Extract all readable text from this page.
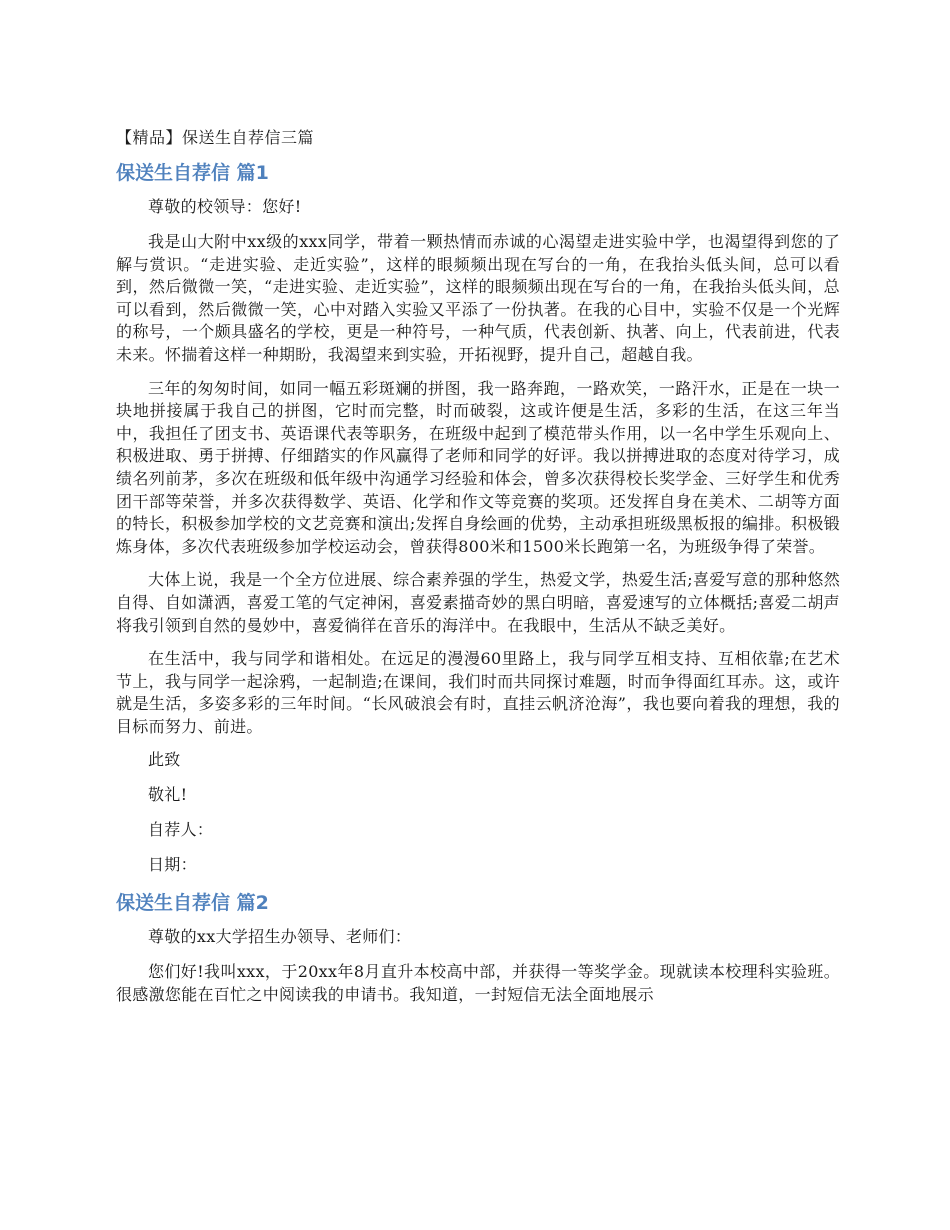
【精品】保送生自荐信三篇
保送生自荐信 篇1

尊敬的校领导：您好!

我是山大附中xx级的xxx同学，带着一颗热情而赤诚的心渴望走进实验中学，也渴望得到您的了解与赏识。“走进实验、走近实验”，这样的眼频频出现在写台的一角，在我抬头低头间，总可以看到，然后微微一笑，“走进实验、走近实验”，这样的眼频频出现在写台的一角，在我抬头低头间，总可以看到，然后微微一笑，心中对踏入实验又平添了一份执著。在我的心目中，实验不仅是一个光辉的称号，一个颇具盛名的学校，更是一种符号，一种气质，代表创新、执著、向上，代表前进，代表未来。怀揣着这样一种期盼，我渴望来到实验，开拓视野，提升自己，超越自我。

三年的匆匆时间，如同一幅五彩斑斓的拼图，我一路奔跑，一路欢笑，一路汗水，正是在一块一块地拼接属于我自己的拼图，它时而完整，时而破裂，这或许便是生活，多彩的生活，在这三年当中，我担任了团支书、英语课代表等职务，在班级中起到了模范带头作用，以一名中学生乐观向上、积极进取、勇于拼搏、仔细踏实的作风赢得了老师和同学的好评。我以拼搏进取的态度对待学习，成绩名列前茅，多次在班级和低年级中沟通学习经验和体会，曾多次获得校长奖学金、三好学生和优秀团干部等荣誉，并多次获得数学、英语、化学和作文等竞赛的奖项。还发挥自身在美术、二胡等方面的特长，积极参加学校的文艺竞赛和演出;发挥自身绘画的优势，主动承担班级黑板报的编排。积极锻炼身体，多次代表班级参加学校运动会，曾获得800米和1500米长跑第一名，为班级争得了荣誉。

大体上说，我是一个全方位进展、综合素养强的学生，热爱文学，热爱生活;喜爱写意的那种悠然自得、自如潇洒，喜爱工笔的气定神闲，喜爱素描奇妙的黑白明暗，喜爱速写的立体概括;喜爱二胡声将我引领到自然的曼妙中，喜爱徜徉在音乐的海洋中。在我眼中，生活从不缺乏美好。

在生活中，我与同学和谐相处。在远足的漫漫60里路上，我与同学互相支持、互相依靠;在艺术节上，我与同学一起涂鸦，一起制造;在课间，我们时而共同探讨难题，时而争得面红耳赤。这，或许就是生活，多姿多彩的三年时间。“长风破浪会有时，直挂云帆济沧海”，我也要向着我的理想，我的目标而努力、前进。

此致

敬礼!

自荐人：

日期：

保送生自荐信 篇2

尊敬的xx大学招生办领导、老师们：

您们好!我叫xxx，于20xx年8月直升本校高中部，并获得一等奖学金。现就读本校理科实验班。很感激您能在百忙之中阅读我的申请书。我知道，一封短信无法全面地展示
